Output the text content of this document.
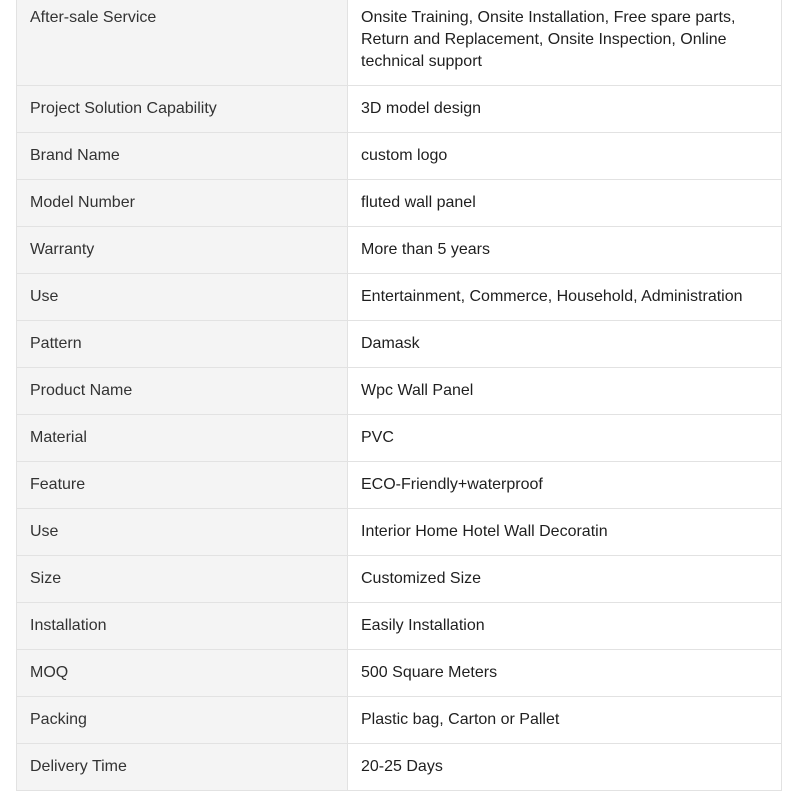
After-sale Service	Onsite Training, Onsite Installation, Free spare parts, Return and Replacement, Onsite Inspection, Online technical support
Project Solution Capability	3D model design
Brand Name	custom logo
Model Number	fluted wall panel
Warranty	More than 5 years
Use	Entertainment, Commerce, Household, Administration
Pattern	Damask
Product Name	Wpc Wall Panel
Material	PVC
Feature	ECO-Friendly+waterproof
Use	Interior Home Hotel Wall Decoratin
Size	Customized Size
Installation	Easily Installation
MOQ	500 Square Meters
Packing	Plastic bag, Carton or Pallet
Delivery Time	20-25 Days
